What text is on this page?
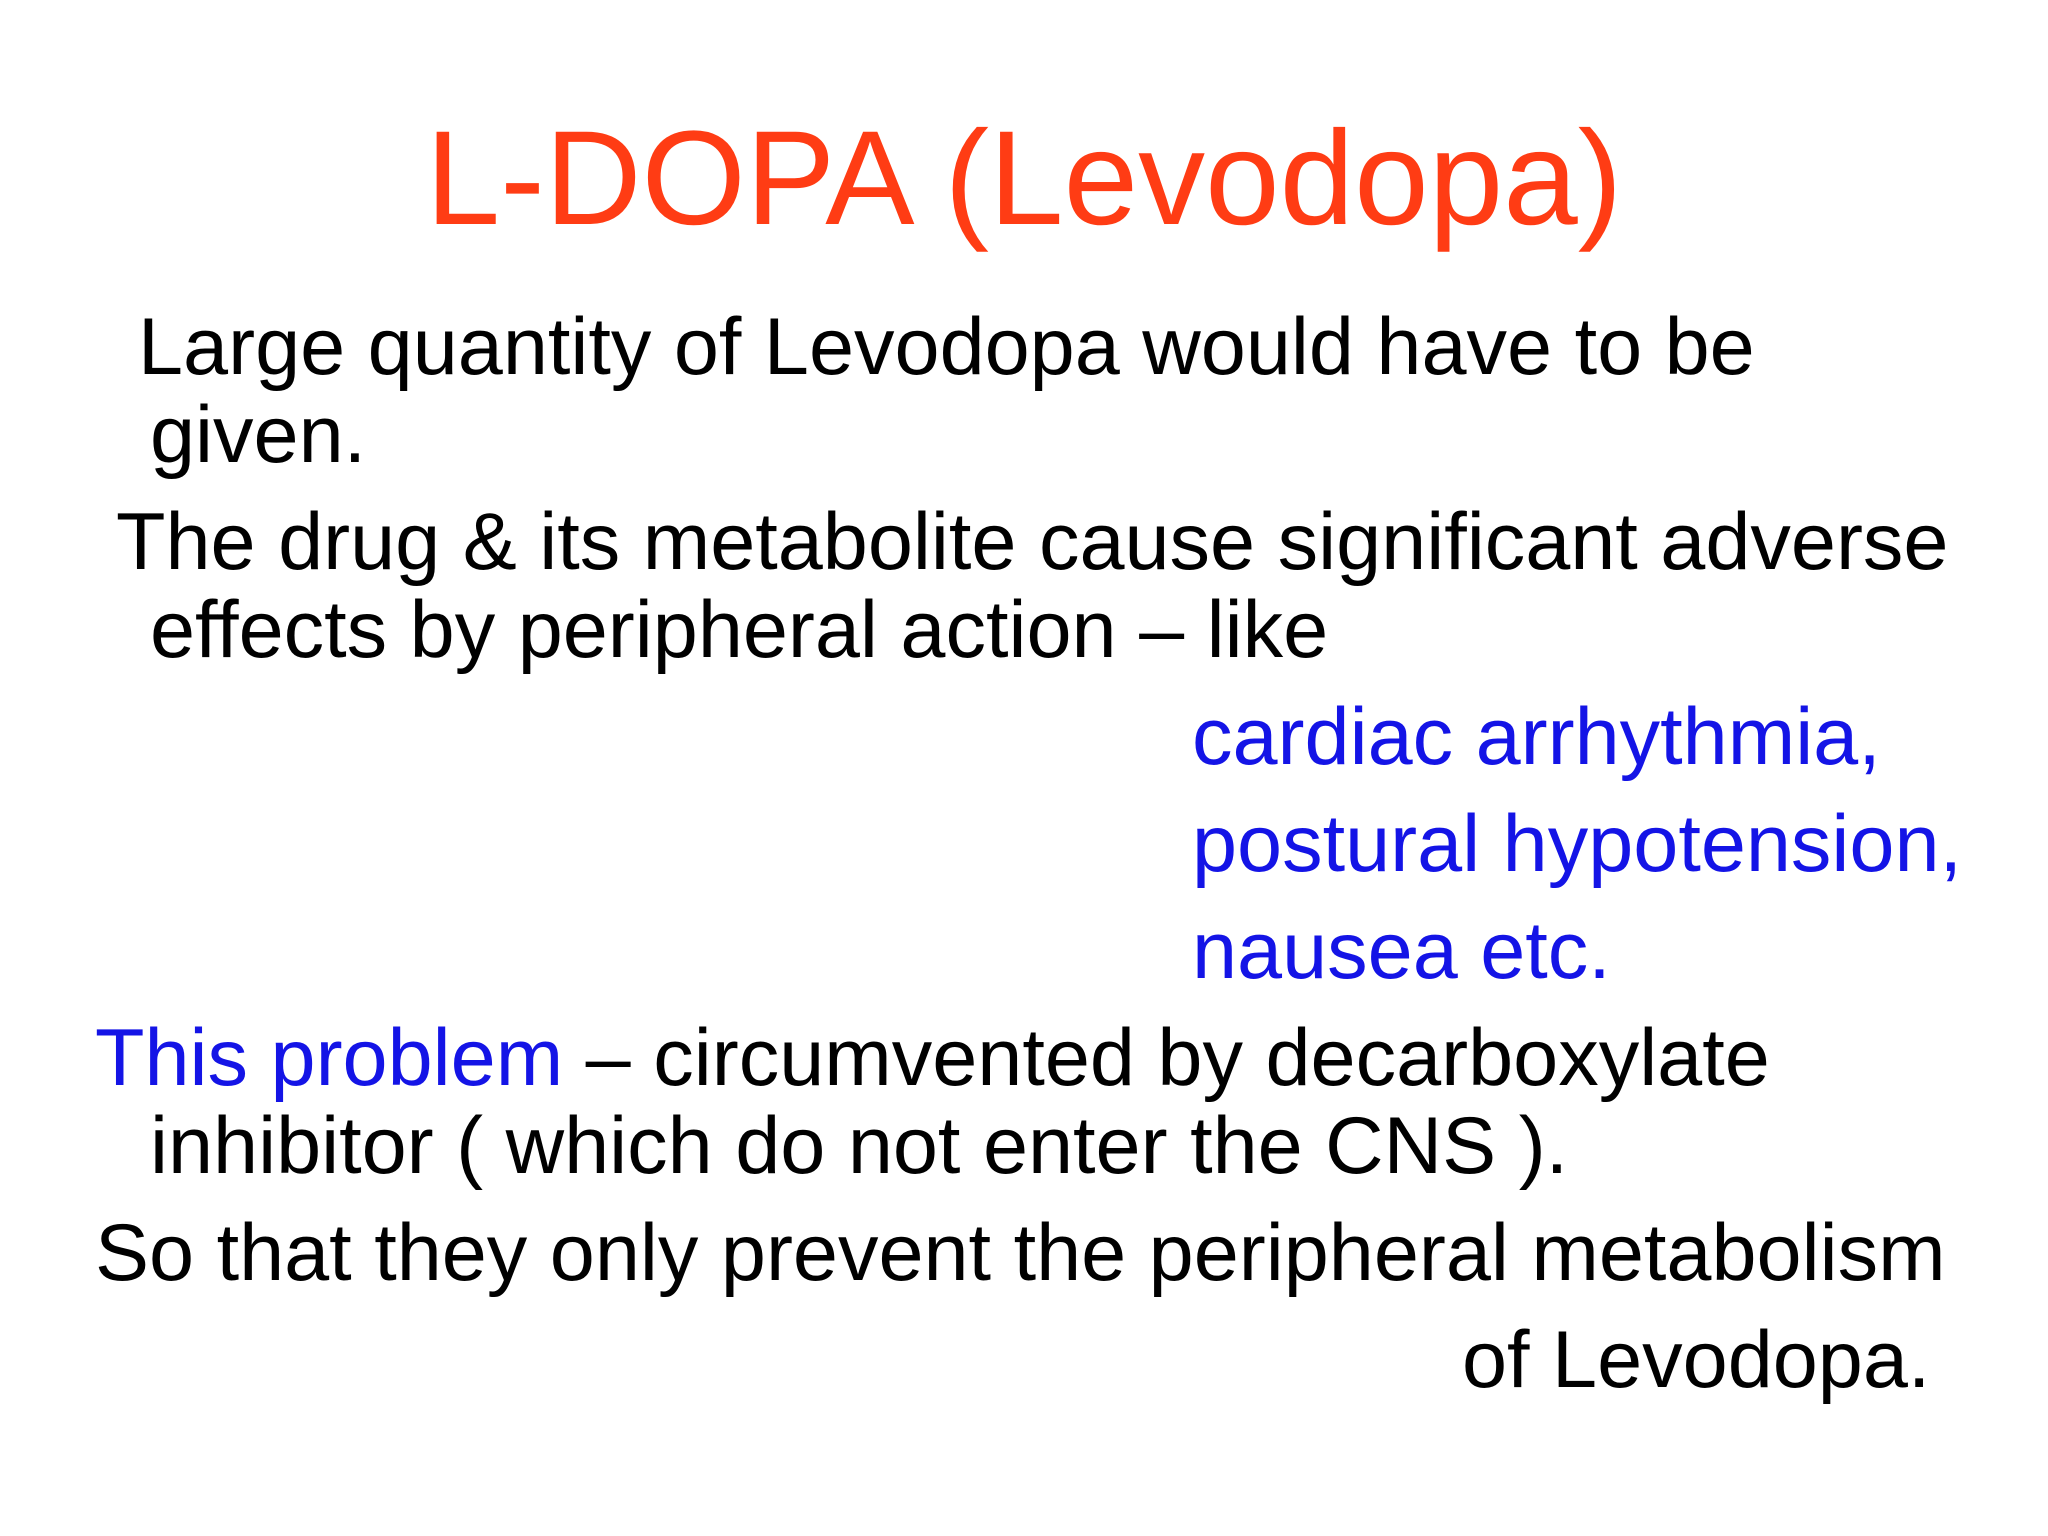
L-DOPA (Levodopa)
Large quantity of Levodopa would have to be
given.
The drug & its metabolite cause significant adverse
effects by peripheral action – like
cardiac arrhythmia,
postural hypotension,
nausea etc.
This problem – circumvented by decarboxylate
inhibitor ( which do not enter the CNS ).
So that they only prevent the peripheral metabolism
of Levodopa.
